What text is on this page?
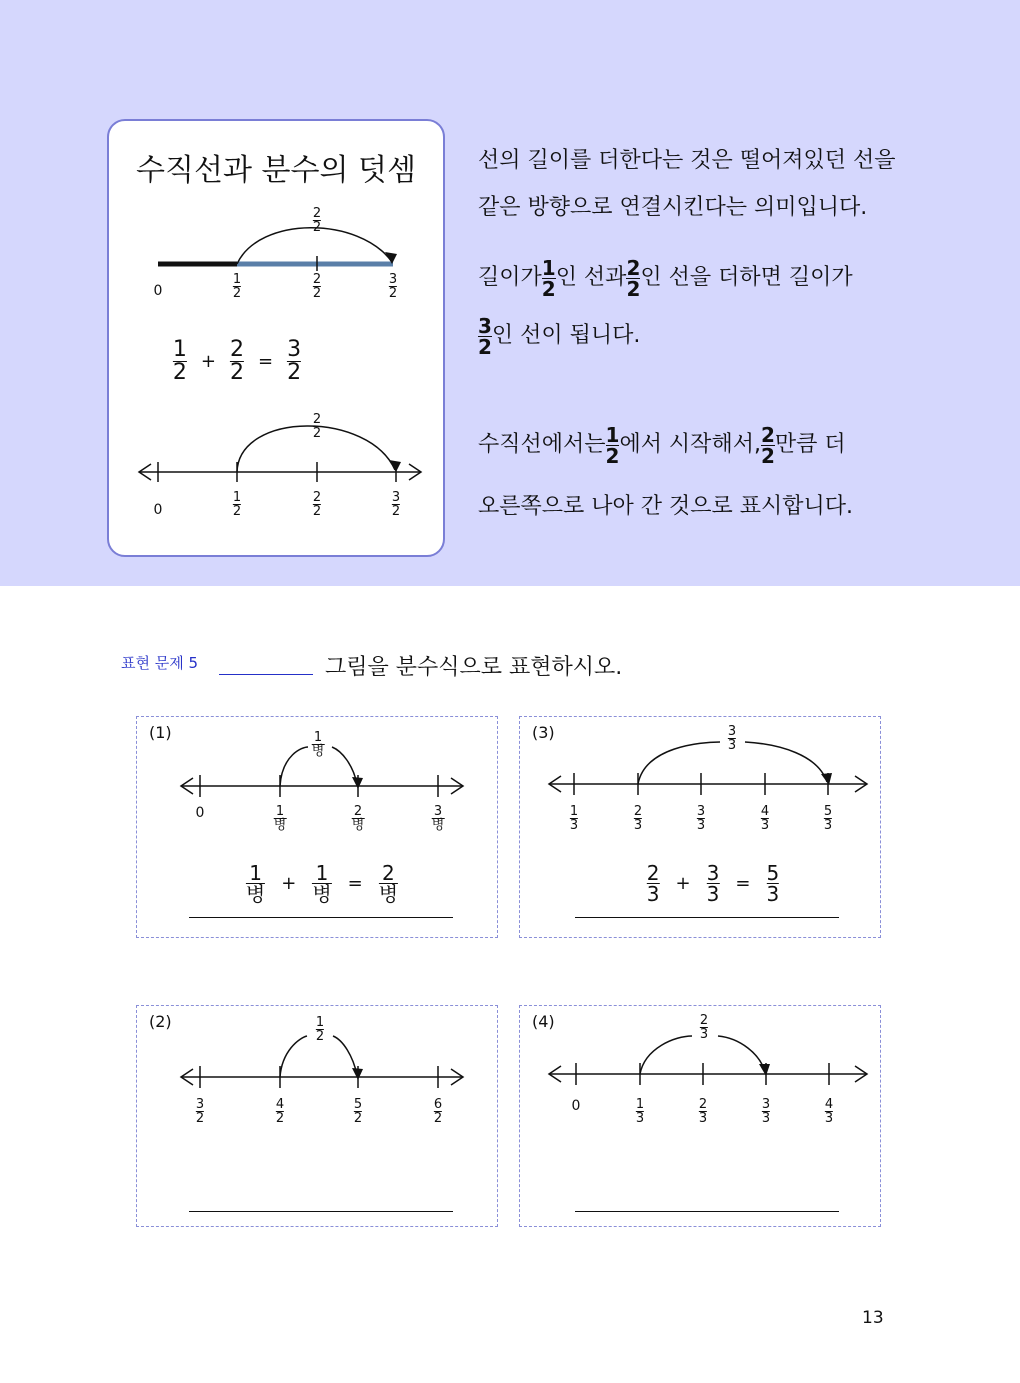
수직선과 분수의 덧셈
$\frac{2}{2}$
0	$\frac{1}{2}$	$\frac{2}{2}$	$\frac{3}{2}$
$\frac{1}{2} + \frac{2}{2} = \frac{3}{2}$
$\frac{2}{2}$
0	$\frac{1}{2}$	$\frac{2}{2}$	$\frac{3}{2}$
선의 길이를 더한다는 것은 떨어져있던 선을
같은 방향으로 연결시킨다는 의미입니다.
길이가 $\frac{1}{2}$ 인 선과 $\frac{2}{2}$ 인 선을 더하면 길이가
$\frac{3}{2}$ 인 선이 됩니다.
수직선에서는 $\frac{1}{2}$ 에서 시작해서, $\frac{2}{2}$ 만큼 더
오른쪽으로 나아 간 것으로 표시합니다.
표현 문제 5	그림을 분수식으로 표현하시오.
(1)	$\frac{1}{\text{병}}$
0	$\frac{1}{\text{병}}$	$\frac{2}{\text{병}}$	$\frac{3}{\text{병}}$
$\frac{1}{\text{병}} + \frac{1}{\text{병}} = \frac{2}{\text{병}}$
(3)	$\frac{3}{3}$
$\frac{1}{3}$	$\frac{2}{3}$	$\frac{3}{3}$	$\frac{4}{3}$	$\frac{5}{3}$
$\frac{2}{3} + \frac{3}{3} = \frac{5}{3}$
(2)	$\frac{1}{2}$
$\frac{3}{2}$	$\frac{4}{2}$	$\frac{5}{2}$	$\frac{6}{2}$
(4)	$\frac{2}{3}$
0	$\frac{1}{3}$	$\frac{2}{3}$	$\frac{3}{3}$	$\frac{4}{3}$
13
